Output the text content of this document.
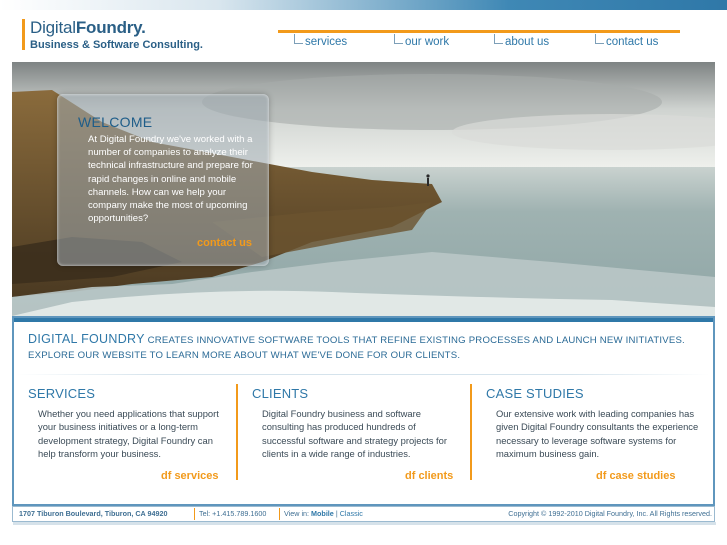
DigitalFoundry.
Business & Software Consulting.	services	our work	about us	contact us
WELCOME

At Digital Foundry we've worked with a number of companies to analyze their technical infrastructure and prepare for rapid changes in online and mobile channels. How can we help your company make the most of upcoming opportunities?

contact us
DIGITAL FOUNDRY CREATES INNOVATIVE SOFTWARE TOOLS THAT REFINE EXISTING PROCESSES AND LAUNCH NEW INITIATIVES. EXPLORE OUR WEBSITE TO LEARN MORE ABOUT WHAT WE'VE DONE FOR OUR CLIENTS.
SERVICES

Whether you need applications that support your business initiatives or a long-term development strategy, Digital Foundry can help transform your business.

df services
CLIENTS

Digital Foundry business and software consulting has produced hundreds of successful software and strategy projects for clients in a wide range of industries.

df clients
CASE STUDIES

Our extensive work with leading companies has given Digital Foundry consultants the experience necessary to leverage software systems for maximum business gain.

df case studies
1707 Tiburon Boulevard, Tiburon, CA 94920	Tel: +1.415.789.1600 View in: Mobile | Classic	Copyright © 1992-2010 Digital Foundry, Inc. All Rights reserved.
